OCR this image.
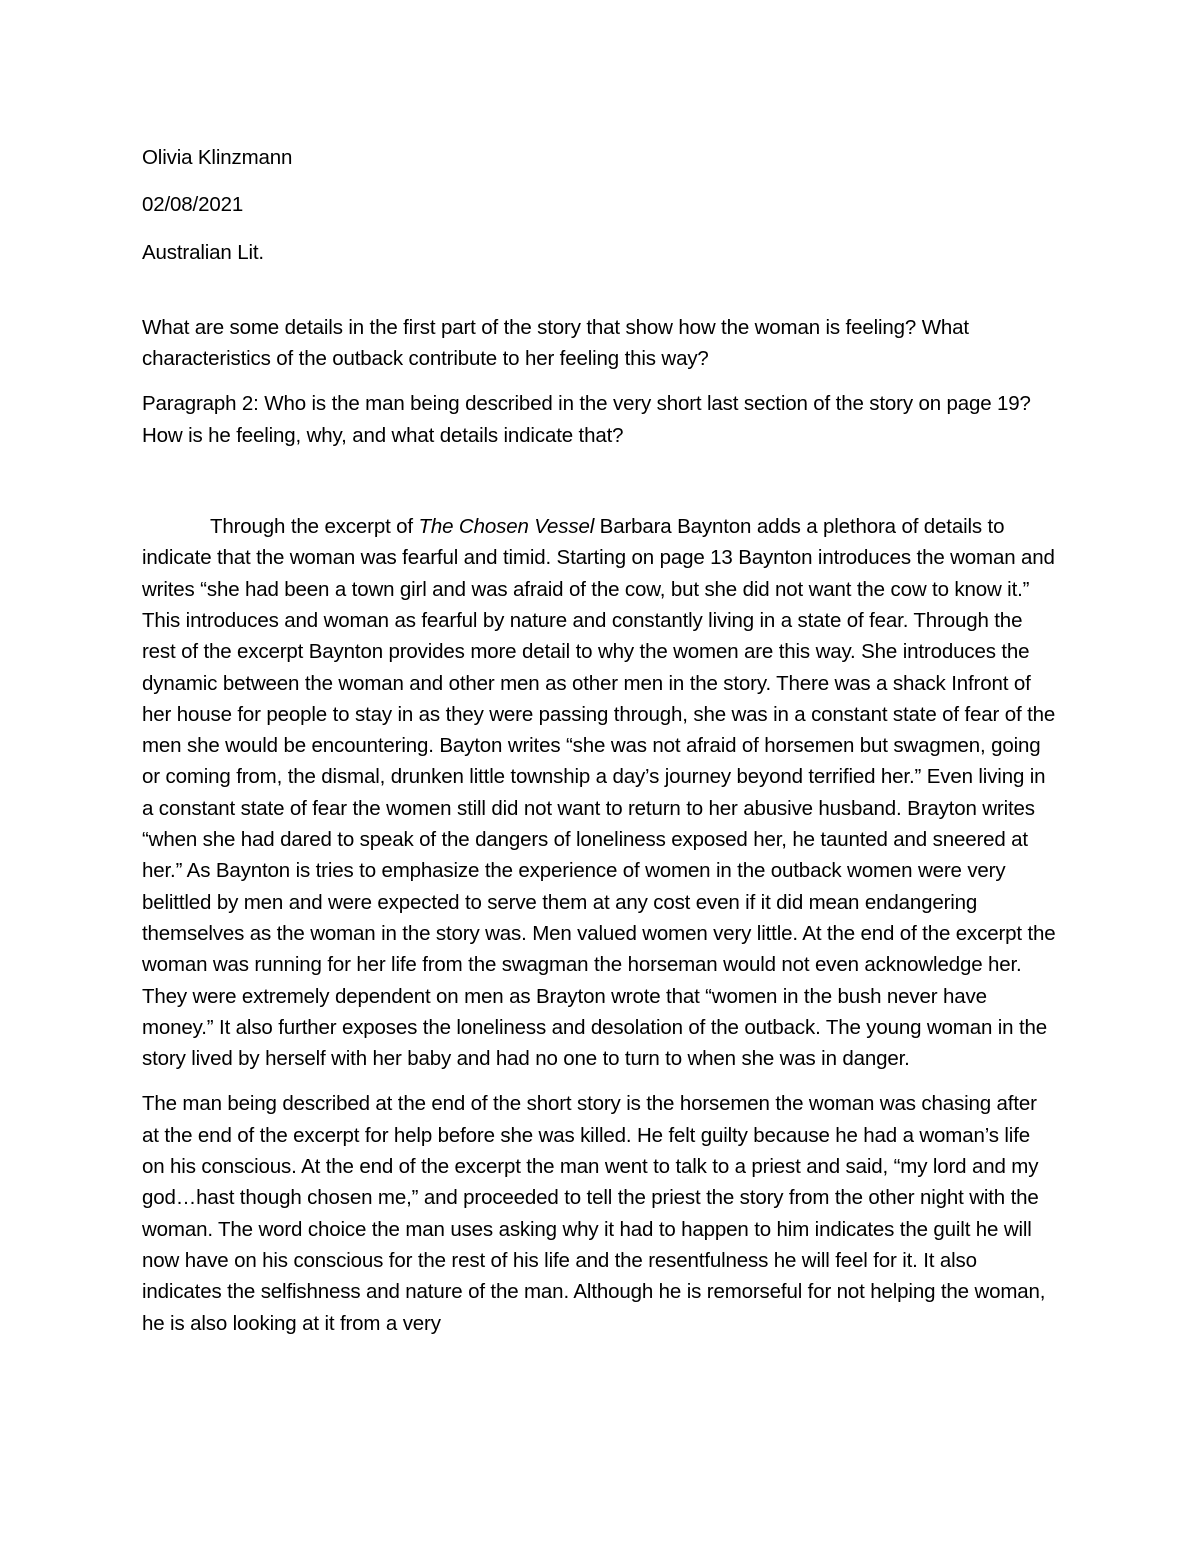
Olivia Klinzmann

02/08/2021

Australian Lit.

What are some details in the first part of the story that show how the woman is feeling? What characteristics of the outback contribute to her feeling this way?

Paragraph 2: Who is the man being described in the very short last section of the story on page 19? How is he feeling, why, and what details indicate that?

Through the excerpt of The Chosen Vessel Barbara Baynton adds a plethora of details to indicate that the woman was fearful and timid. Starting on page 13 Baynton introduces the woman and writes “she had been a town girl and was afraid of the cow, but she did not want the cow to know it.” This introduces and woman as fearful by nature and constantly living in a state of fear. Through the rest of the excerpt Baynton provides more detail to why the women are this way. She introduces the dynamic between the woman and other men as other men in the story. There was a shack Infront of her house for people to stay in as they were passing through, she was in a constant state of fear of the men she would be encountering. Bayton writes “she was not afraid of horsemen but swagmen, going or coming from, the dismal, drunken little township a day’s journey beyond terrified her.” Even living in a constant state of fear the women still did not want to return to her abusive husband. Brayton writes “when she had dared to speak of the dangers of loneliness exposed her, he taunted and sneered at her.” As Baynton is tries to emphasize the experience of women in the outback women were very belittled by men and were expected to serve them at any cost even if it did mean endangering themselves as the woman in the story was. Men valued women very little. At the end of the excerpt the woman was running for her life from the swagman the horseman would not even acknowledge her. They were extremely dependent on men as Brayton wrote that “women in the bush never have money.” It also further exposes the loneliness and desolation of the outback. The young woman in the story lived by herself with her baby and had no one to turn to when she was in danger.

The man being described at the end of the short story is the horsemen the woman was chasing after at the end of the excerpt for help before she was killed. He felt guilty because he had a woman’s life on his conscious. At the end of the excerpt the man went to talk to a priest and said, “my lord and my god…hast though chosen me,” and proceeded to tell the priest the story from the other night with the woman. The word choice the man uses asking why it had to happen to him indicates the guilt he will now have on his conscious for the rest of his life and the resentfulness he will feel for it. It also indicates the selfishness and nature of the man. Although he is remorseful for not helping the woman, he is also looking at it from a very
